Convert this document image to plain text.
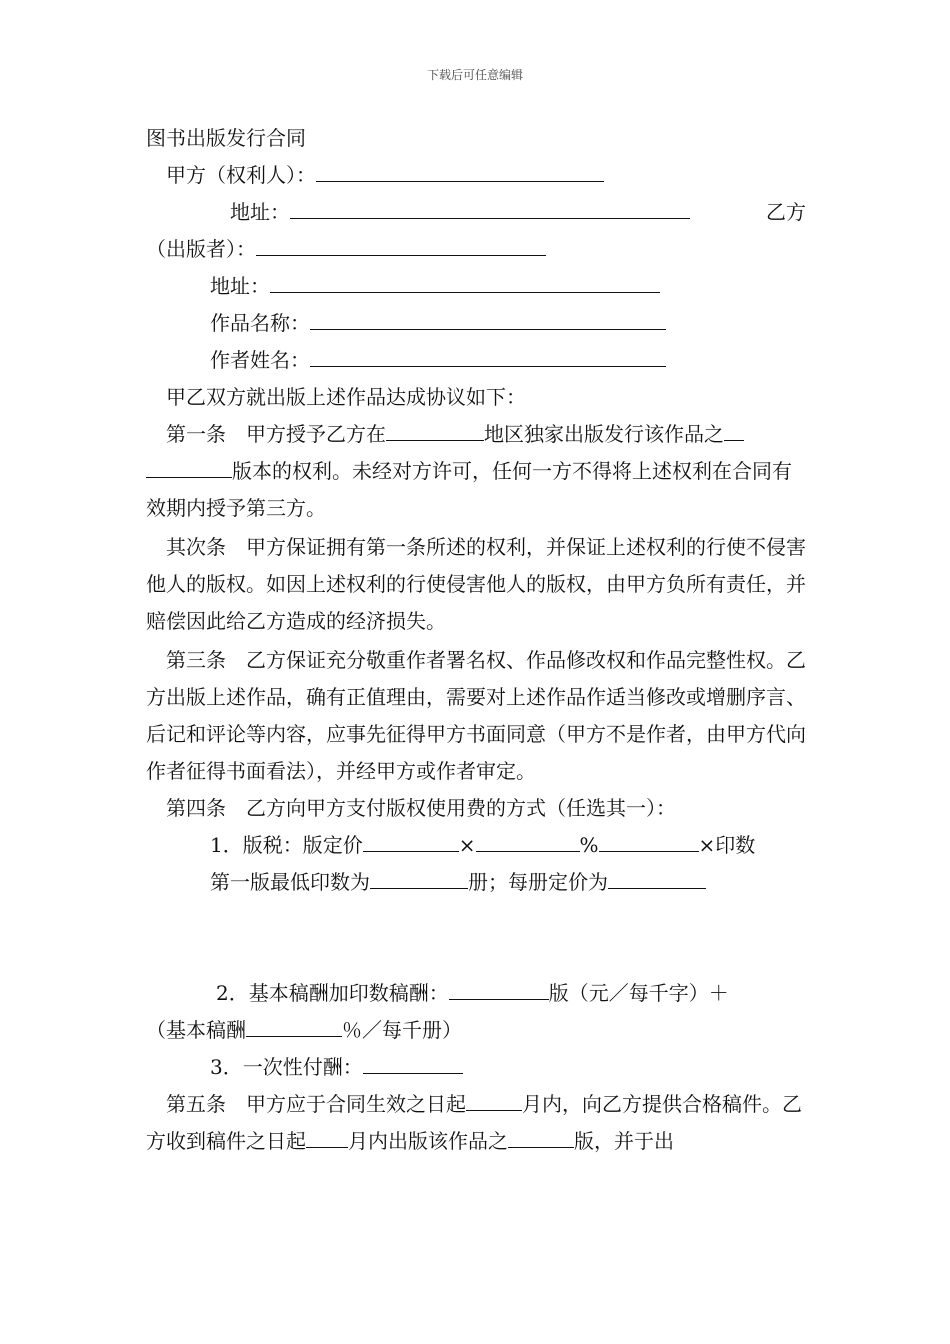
下载后可任意编辑
图书出版发行合同
甲方（权利人）：
地址：	乙方
（出版者）：
地址：
作品名称：
作者姓名：
甲乙双方就出版上述作品达成协议如下：
第一条　 甲方授予乙方在	地区独家出版发行该作品之版本的权利。未经对方许可，任何一方不得将上述权利在合同有效期内授予第三方。
其次条　 甲方保证拥有第一条所述的权利，并保证上述权利的行使不侵害他人的版权。如因上述权利的行使侵害他人的版权，由甲方负所有责任，并赔偿因此给乙方造成的经济损失。
第三条　 乙方保证充分敬重作者署名权、作品修改权和作品完整性权。乙方出版上述作品，确有正值理由，需要对上述作品作适当修改或增删序言、后记和评论等内容，应事先征得甲方书面同意（甲方不是作者，由甲方代向作者征得书面看法），并经甲方或作者审定。
第四条　 乙方向甲方支付版权使用费的方式（任选其一）：
1．版税：版定价	×	%	×印数
第一版最低印数为	册；每册定价为
2．基本稿酬加印数稿酬：	版（元／每千字）＋
（基本稿酬	％／每千册）
3．一次性付酬：
第五条　 甲方应于合同生效之日起	月内，向乙方提供合格稿件。乙方收到稿件之日起 月内出版该作品之	版，并于出
